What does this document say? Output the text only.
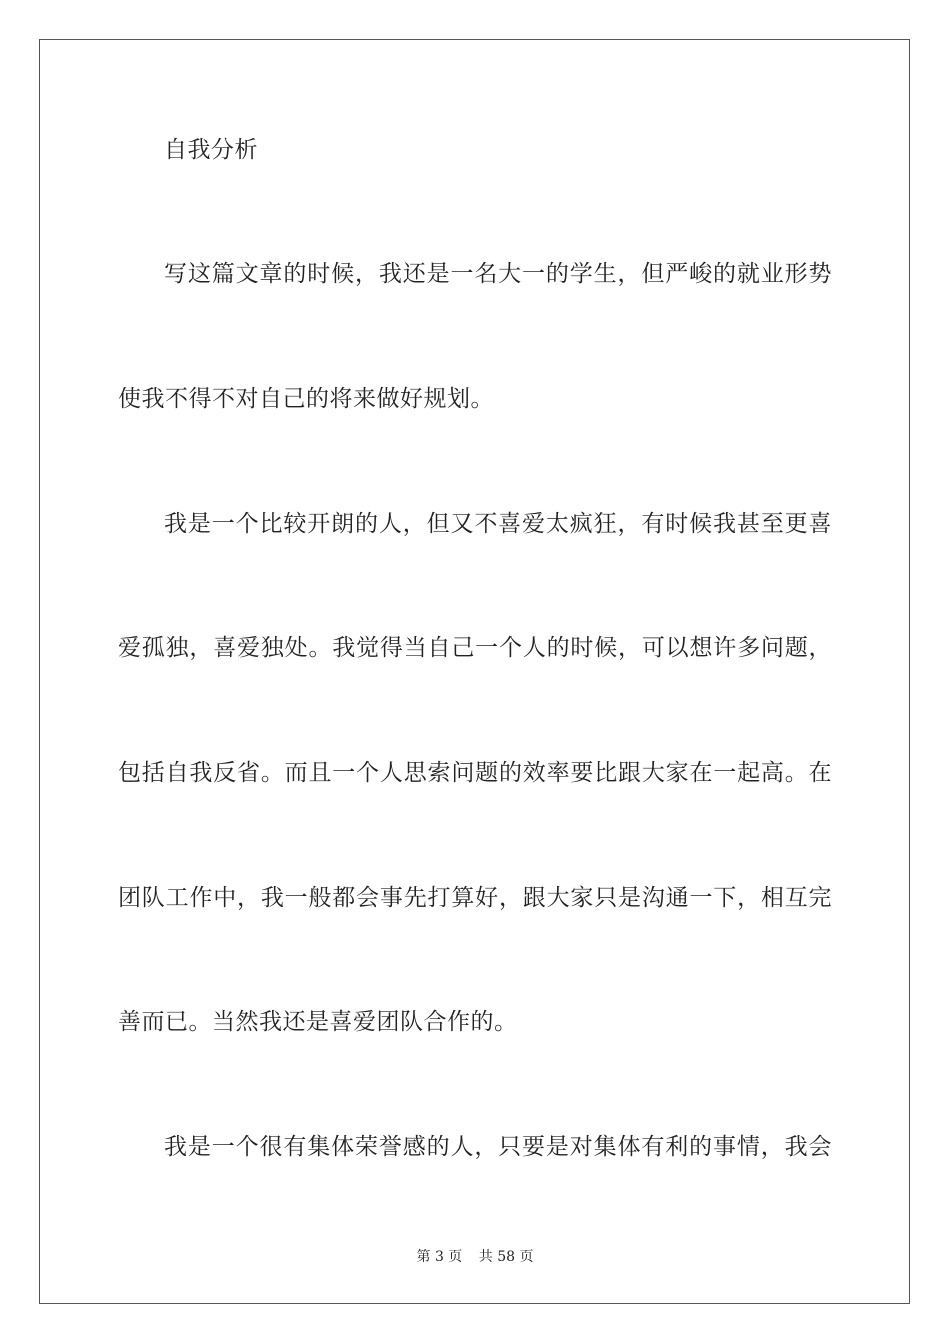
自我分析
写这篇文章的时候，我还是一名大一的学生，但严峻的就业形势
使我不得不对自己的将来做好规划。
我是一个比较开朗的人，但又不喜爱太疯狂，有时候我甚至更喜
爱孤独，喜爱独处。我觉得当自己一个人的时候，可以想许多问题，
包括自我反省。而且一个人思索问题的效率要比跟大家在一起高。在
团队工作中，我一般都会事先打算好，跟大家只是沟通一下，相互完
善而已。当然我还是喜爱团队合作的。
我是一个很有集体荣誉感的人，只要是对集体有利的事情，我会
第 3 页 共 58 页
